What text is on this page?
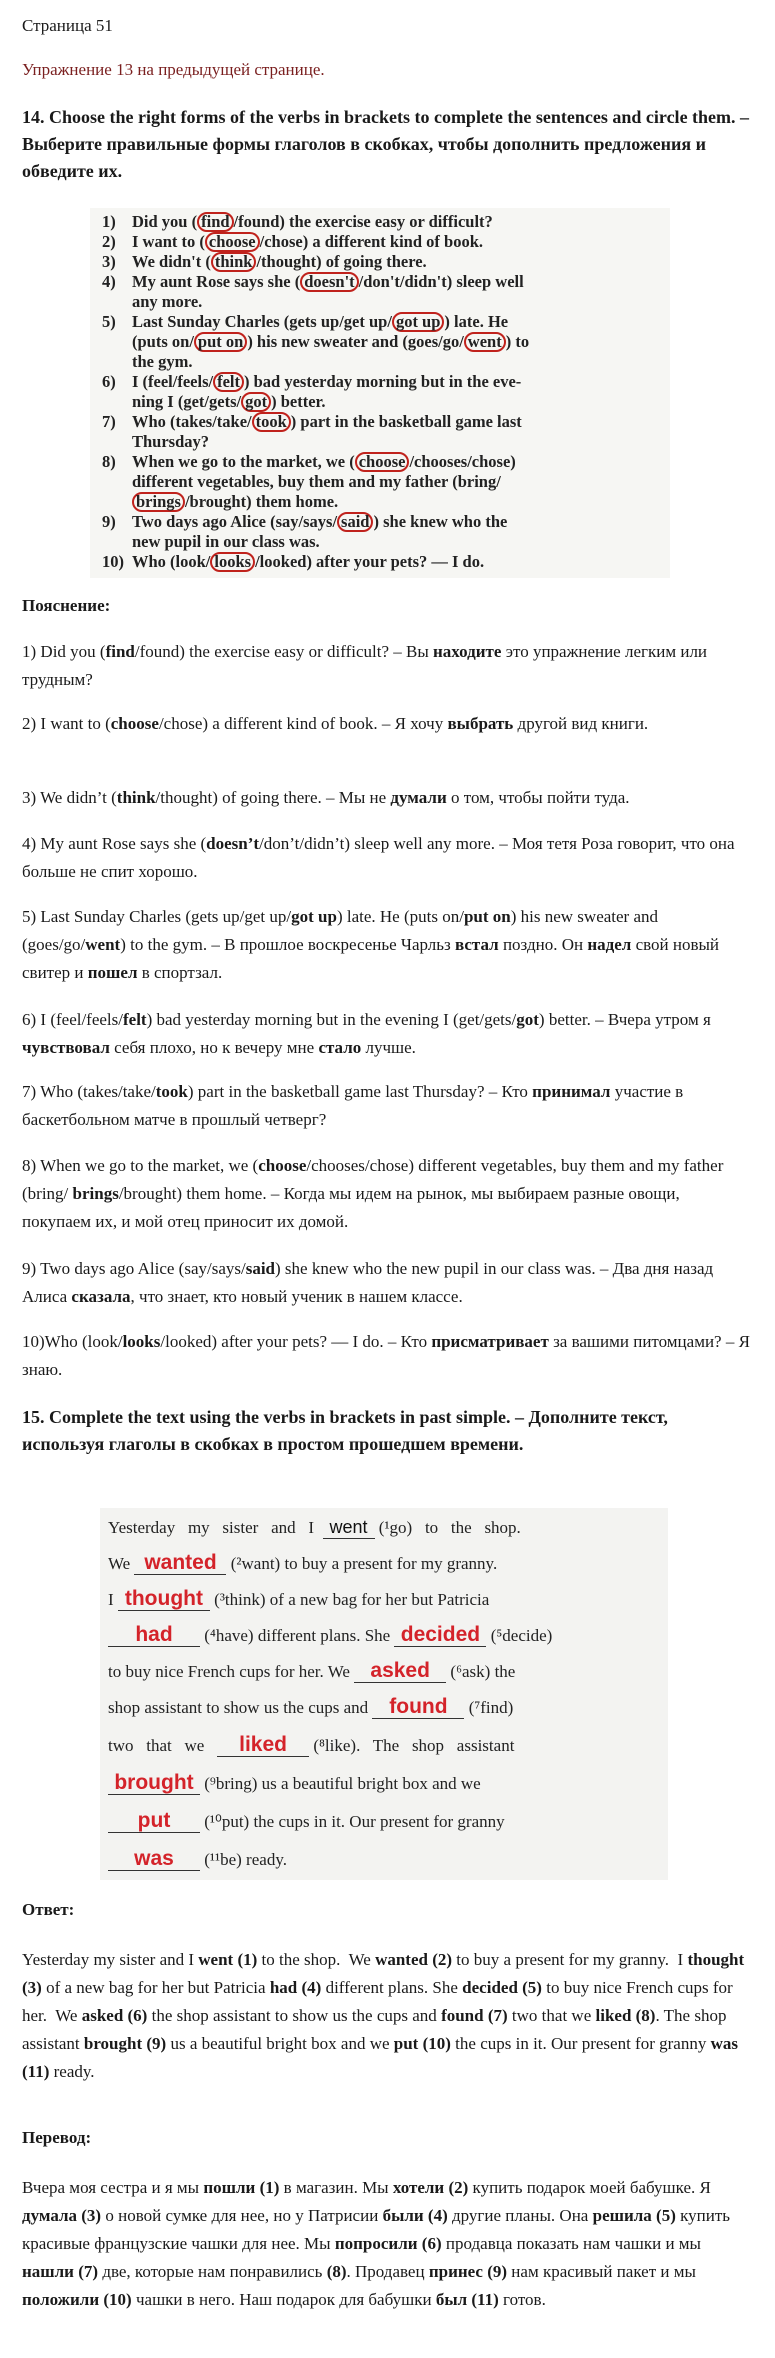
Страница 51
Упражнение 13 на предыдущей странице.
14. Choose the right forms of the verbs in brackets to complete the sentences and circle them. – Выберите правильные формы глаголов в скобках, чтобы дополнить предложения и обведите их.
1) Did you ( find /found) the exercise easy or difficult?
2) I want to ( choose /chose) a different kind of book.
3) We didn't ( think /thought) of going there.
4) My aunt Rose says she ( doesn't /don't/didn't) sleep well
any more.
5) Last Sunday Charles (gets up/get up/ got up ) late. He
(puts on/ put on ) his new sweater and (goes/go/ went ) to
the gym.
6) I (feel/feels/ felt ) bad yesterday morning but in the eve-
ning I (get/gets/ got ) better.
7) Who (takes/take/ took ) part in the basketball game last
Thursday?
8) When we go to the market, we ( choose /chooses/chose)
different vegetables, buy them and my father (bring/
brings /brought) them home.
9) Two days ago Alice (say/says/ said ) she knew who the
new pupil in our class was.
10) Who (look/ looks /looked) after your pets? — I do.
Пояснение:
1) Did you (find/found) the exercise easy or difficult? – Вы находите это упражнение легким или трудным?
2) I want to (choose/chose) a different kind of book. – Я хочу выбрать другой вид книги.
3) We didn’t (think/thought) of going there. – Мы не думали о том, чтобы пойти туда.
4) My aunt Rose says she (doesn’t/don’t/didn’t) sleep well any more. – Моя тетя Роза говорит, что она больше не спит хорошо.
5) Last Sunday Charles (gets up/get up/got up) late. He (puts on/put on) his new sweater and (goes/go/went) to the gym. – В прошлое воскресенье Чарльз встал поздно. Он надел свой новый свитер и пошел в спортзал.
6) I (feel/feels/felt) bad yesterday morning but in the evening I (get/gets/got) better. – Вчера утром я чувствовал себя плохо, но к вечеру мне стало лучше.
7) Who (takes/take/took) part in the basketball game last Thursday? – Кто принимал участие в баскетбольном матче в прошлый четверг?
8) When we go to the market, we (choose/chooses/chose) different vegetables, buy them and my father (bring/ brings/brought) them home. – Когда мы идем на рынок, мы выбираем разные овощи, покупаем их, и мой отец приносит их домой.
9) Two days ago Alice (say/says/said) she knew who the new pupil in our class was. – Два дня назад Алиса сказала, что знает, кто новый ученик в нашем классе.
10)Who (look/looks/looked) after your pets? — I do. – Кто присматривает за вашими питомцами? – Я знаю.
15. Complete the text using the verbs in brackets in past simple. – Дополните текст, используя глаголы в скобках в простом прошедшем времени.
Yesterday   my   sister   and   I  went (¹go)   to   the   shop.
We wanted (²want) to buy a present for my granny.
I thought (³think) of a new bag for her but Patricia
had (⁴have) different plans. She decided (⁵decide)
to buy nice French cups for her. We asked (⁶ask) the
shop assistant to show us the cups and found (⁷find)
two   that   we   liked (⁸like).   The   shop   assistant
brought (⁹bring) us a beautiful bright box and we
put (¹⁰put) the cups in it. Our present for granny
was (¹¹be) ready.
Ответ:
Yesterday my sister and I went (1) to the shop.  We wanted (2) to buy a present for my granny.  I thought (3) of a new bag for her but Patricia had (4) different plans. She decided (5) to buy nice French cups for her.  We asked (6) the shop assistant to show us the cups and found (7) two that we liked (8). The shop assistant brought (9) us a beautiful bright box and we put (10) the cups in it. Our present for granny was (11) ready.
Перевод:
Вчера моя сестра и я мы пошли (1) в магазин. Мы хотели (2) купить подарок моей бабушке. Я думала (3) о новой сумке для нее, но у Патрисии были (4) другие планы. Она решила (5) купить красивые французские чашки для нее. Мы попросили (6) продавца показать нам чашки и мы нашли (7) две, которые нам понравились (8). Продавец принес (9) нам красивый пакет и мы положили (10) чашки в него. Наш подарок для бабушки был (11) готов.
